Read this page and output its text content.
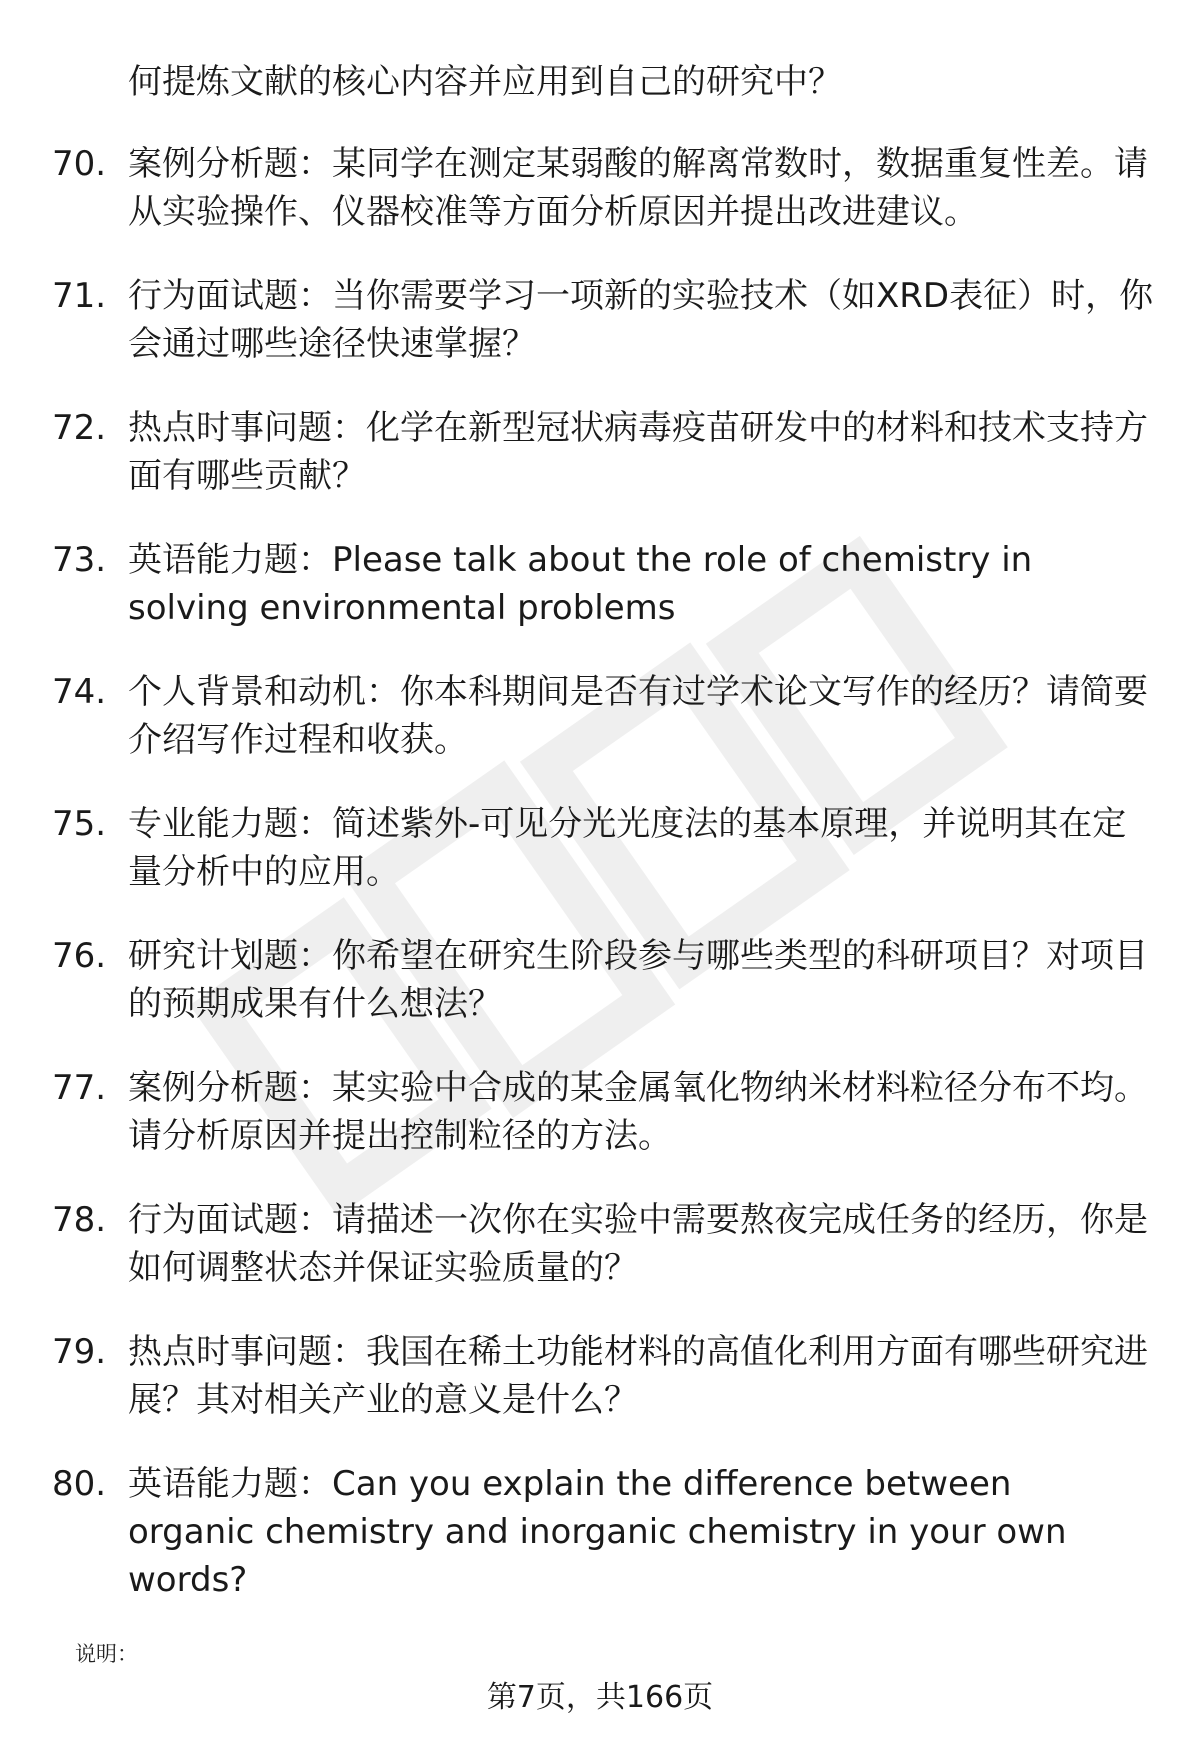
何提炼文献的核心内容并应用到自己的研究中？
70. 案例分析题：某同学在测定某弱酸的解离常数时，数据重复性差。请从实验操作、仪器校准等方面分析原因并提出改进建议。
71. 行为面试题：当你需要学习一项新的实验技术（如XRD表征）时，你会通过哪些途径快速掌握？
72. 热点时事问题：化学在新型冠状病毒疫苗研发中的材料和技术支持方面有哪些贡献？
73. 英语能力题：Please talk about the role of chemistry in solving environmental problems
74. 个人背景和动机：你本科期间是否有过学术论文写作的经历？请简要介绍写作过程和收获。
75. 专业能力题：简述紫外-可见分光光度法的基本原理，并说明其在定量分析中的应用。
76. 研究计划题：你希望在研究生阶段参与哪些类型的科研项目？对项目的预期成果有什么想法？
77. 案例分析题：某实验中合成的某金属氧化物纳米材料粒径分布不均。请分析原因并提出控制粒径的方法。
78. 行为面试题：请描述一次你在实验中需要熬夜完成任务的经历，你是如何调整状态并保证实验质量的？
79. 热点时事问题：我国在稀土功能材料的高值化利用方面有哪些研究进展？其对相关产业的意义是什么？
80. 英语能力题：Can you explain the difference between organic chemistry and inorganic chemistry in your own words?
说明：
第7页，共166页
